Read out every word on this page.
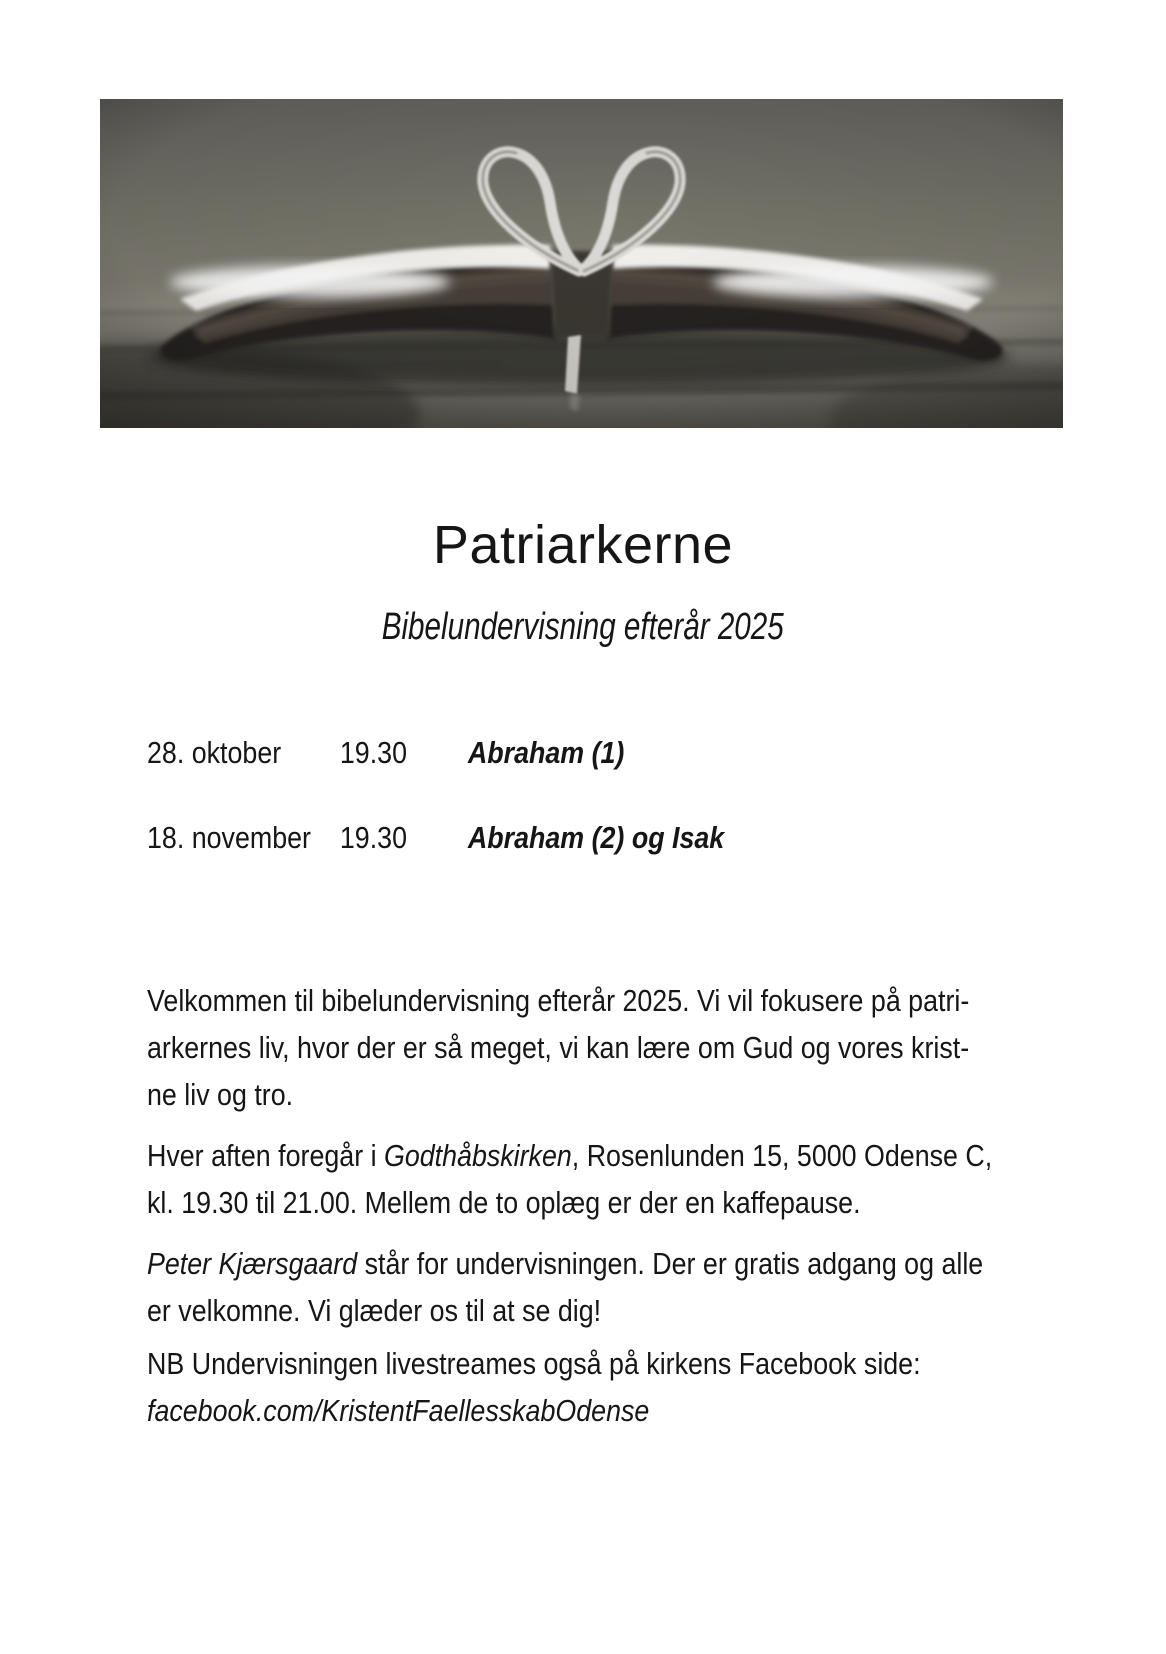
Patriarkerne
Bibelundervisning efterår 2025
28. oktober 19.30 Abraham (1)
18. november 19.30 Abraham (2) og Isak
Velkommen til bibelundervisning efterår 2025. Vi vil fokusere på patri-
arkernes liv, hvor der er så meget, vi kan lære om Gud og vores krist-
ne liv og tro.
Hver aften foregår i Godthåbskirken, Rosenlunden 15, 5000 Odense C,
kl. 19.30 til 21.00. Mellem de to oplæg er der en kaffepause.
Peter Kjærsgaard står for undervisningen. Der er gratis adgang og alle
er velkomne. Vi glæder os til at se dig!
NB Undervisningen livestreames også på kirkens Facebook side:
facebook.com/KristentFaellesskabOdense
